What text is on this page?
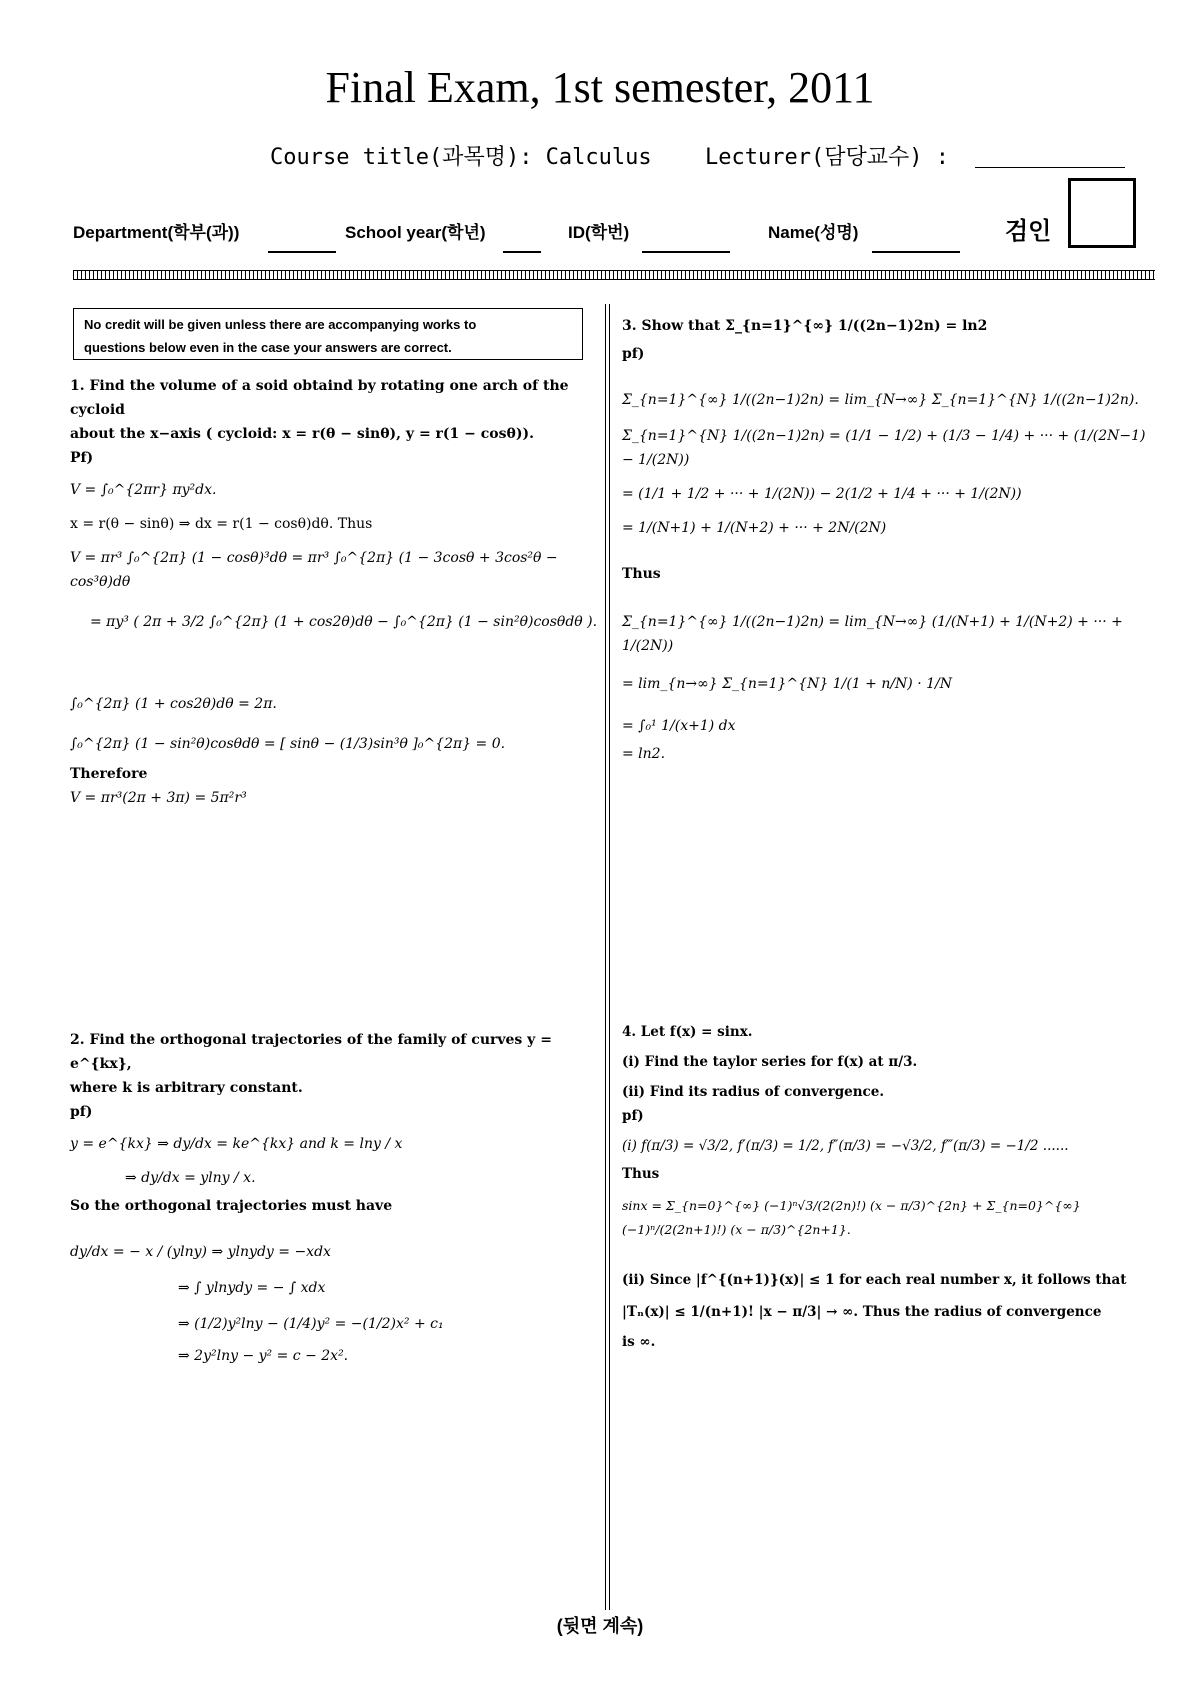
Final Exam, 1st semester, 2011
Course title(과목명): Calculus Lecturer(담당교수) :
Department(학부(과))	School year(학년)	ID(학번)	Name(성명)	검인
No credit will be given unless there are accompanying works to
questions below even in the case your answers are correct.

1. Find the volume of a soid obtaind by rotating one arch of the cycloid

about the x−axis ( cycloid: x = r(θ − sinθ), y = r(1 − cosθ)).

Pf)

V = ∫₀^{2πr} πy²dx.

x = r(θ − sinθ) ⇒ dx = r(1 − cosθ)dθ. Thus

V = πr³ ∫₀^{2π} (1 − cosθ)³dθ = πr³ ∫₀^{2π} (1 − 3cosθ + 3cos²θ − cos³θ)dθ

= πy³ ( 2π + 3/2 ∫₀^{2π} (1 + cos2θ)dθ − ∫₀^{2π} (1 − sin²θ)cosθdθ ).

∫₀^{2π} (1 + cos2θ)dθ = 2π.

∫₀^{2π} (1 − sin²θ)cosθdθ = [ sinθ − (1/3)sin³θ ]₀^{2π} = 0.

Therefore

V = πr³(2π + 3π) = 5π²r³

2. Find the orthogonal trajectories of the family of curves y = e^{kx},

where k is arbitrary constant.

pf)

y = e^{kx} ⇒ dy/dx = ke^{kx} and k = lny / x

⇒ dy/dx = ylny / x.

So the orthogonal trajectories must have

dy/dx = − x / (ylny) ⇒ ylnydy = −xdx

⇒ ∫ ylnydy = − ∫ xdx

⇒ (1/2)y²lny − (1/4)y² = −(1/2)x² + c₁

⇒ 2y²lny − y² = c − 2x².

3. Show that Σ_{n=1}^{∞} 1/((2n−1)2n) = ln2

pf)

Σ_{n=1}^{∞} 1/((2n−1)2n) = lim_{N→∞} Σ_{n=1}^{N} 1/((2n−1)2n).

Σ_{n=1}^{N} 1/((2n−1)2n) = (1/1 − 1/2) + (1/3 − 1/4) + ··· + (1/(2N−1) − 1/(2N))

= (1/1 + 1/2 + ··· + 1/(2N)) − 2(1/2 + 1/4 + ··· + 1/(2N))

= 1/(N+1) + 1/(N+2) + ··· + 2N/(2N)

Thus

Σ_{n=1}^{∞} 1/((2n−1)2n) = lim_{N→∞} (1/(N+1) + 1/(N+2) + ··· + 1/(2N))

= lim_{n→∞} Σ_{n=1}^{N} 1/(1 + n/N) · 1/N

= ∫₀¹ 1/(x+1) dx

= ln2.

4. Let f(x) = sinx.

(i) Find the taylor series for f(x) at π/3.

(ii) Find its radius of convergence.

pf)

(i) f(π/3) = √3/2, f′(π/3) = 1/2, f″(π/3) = −√3/2, f‴(π/3) = −1/2 ......

Thus

sinx = Σ_{n=0}^{∞} (−1)ⁿ√3/(2(2n)!) (x − π/3)^{2n} + Σ_{n=0}^{∞} (−1)ⁿ/(2(2n+1)!) (x − π/3)^{2n+1}.

(ii) Since |f^{(n+1)}(x)| ≤ 1 for each real number x, it follows that

|Tₙ(x)| ≤ 1/(n+1)! |x − π/3| → ∞. Thus the radius of convergence

is ∞.

(뒷면 계속)
